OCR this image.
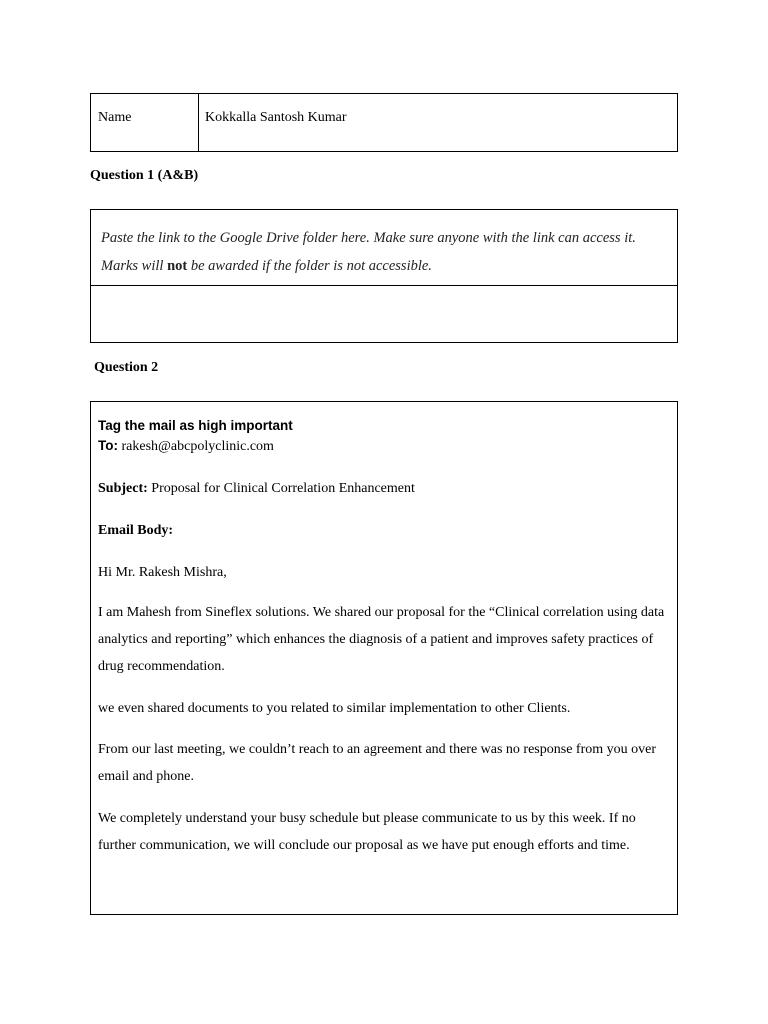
Name	Kokkalla Santosh Kumar
Question 1 (A&B)
Paste the link to the Google Drive folder here. Make sure anyone with the link can access it. Marks will not be awarded if the folder is not accessible.
Question 2
Tag the mail as high important

To: rakesh@abcpolyclinic.com

Subject: Proposal for Clinical Correlation Enhancement

Email Body:

Hi Mr. Rakesh Mishra,

I am Mahesh from Sineflex solutions. We shared our proposal for the “Clinical correlation using data analytics and reporting” which enhances the diagnosis of a patient and improves safety practices of drug recommendation.

we even shared documents to you related to similar implementation to other Clients.

From our last meeting, we couldn’t reach to an agreement and there was no response from you over email and phone.

We completely understand your busy schedule but please communicate to us by this week. If no further communication, we will conclude our proposal as we have put enough efforts and time.
